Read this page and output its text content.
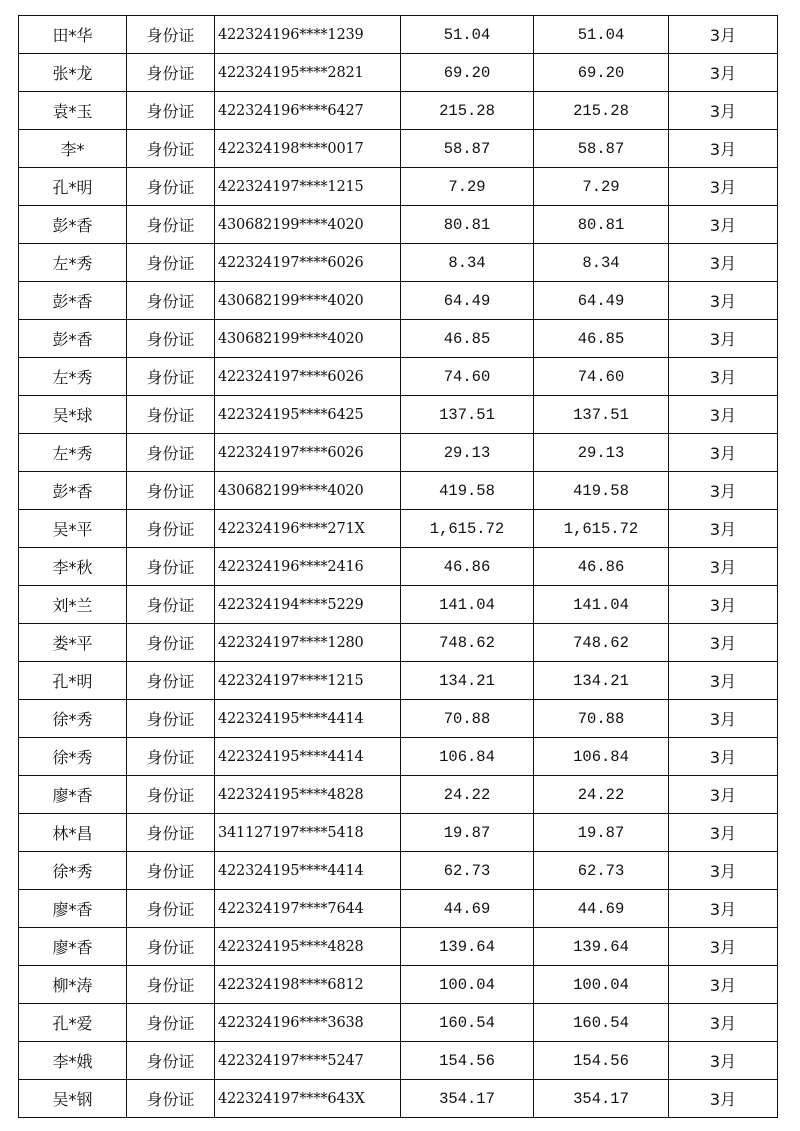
田*华	身份证	422324196****1239	51.04	51.04	3月
张*龙	身份证	422324195****2821	69.20	69.20	3月
袁*玉	身份证	422324196****6427	215.28	215.28	3月
李*	身份证	422324198****0017	58.87	58.87	3月
孔*明	身份证	422324197****1215	7.29	7.29	3月
彭*香	身份证	430682199****4020	80.81	80.81	3月
左*秀	身份证	422324197****6026	8.34	8.34	3月
彭*香	身份证	430682199****4020	64.49	64.49	3月
彭*香	身份证	430682199****4020	46.85	46.85	3月
左*秀	身份证	422324197****6026	74.60	74.60	3月
吴*球	身份证	422324195****6425	137.51	137.51	3月
左*秀	身份证	422324197****6026	29.13	29.13	3月
彭*香	身份证	430682199****4020	419.58	419.58	3月
吴*平	身份证	422324196****271X	1,615.72	1,615.72	3月
李*秋	身份证	422324196****2416	46.86	46.86	3月
刘*兰	身份证	422324194****5229	141.04	141.04	3月
娄*平	身份证	422324197****1280	748.62	748.62	3月
孔*明	身份证	422324197****1215	134.21	134.21	3月
徐*秀	身份证	422324195****4414	70.88	70.88	3月
徐*秀	身份证	422324195****4414	106.84	106.84	3月
廖*香	身份证	422324195****4828	24.22	24.22	3月
林*昌	身份证	341127197****5418	19.87	19.87	3月
徐*秀	身份证	422324195****4414	62.73	62.73	3月
廖*香	身份证	422324197****7644	44.69	44.69	3月
廖*香	身份证	422324195****4828	139.64	139.64	3月
柳*涛	身份证	422324198****6812	100.04	100.04	3月
孔*爱	身份证	422324196****3638	160.54	160.54	3月
李*娥	身份证	422324197****5247	154.56	154.56	3月
吴*钢	身份证	422324197****643X	354.17	354.17	3月
